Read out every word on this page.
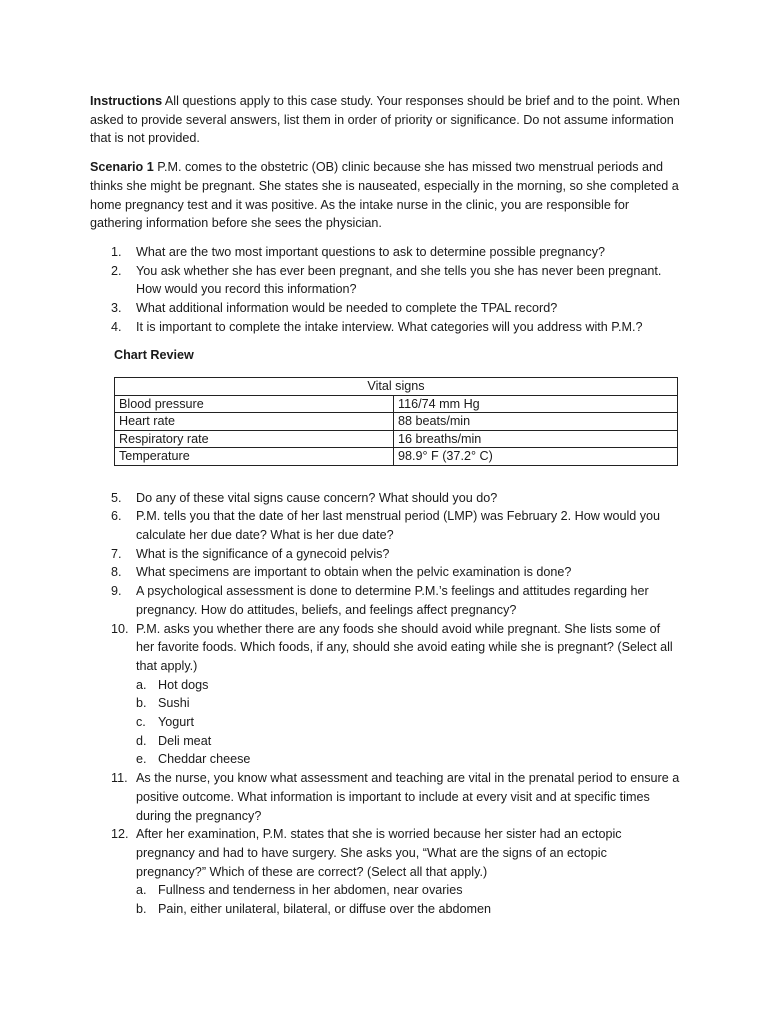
Instructions All questions apply to this case study. Your responses should be brief and to the point. When asked to provide several answers, list them in order of priority or significance. Do not assume information that is not provided.

Scenario 1 P.M. comes to the obstetric (OB) clinic because she has missed two menstrual periods and thinks she might be pregnant. She states she is nauseated, especially in the morning, so she completed a home pregnancy test and it was positive. As the intake nurse in the clinic, you are responsible for gathering information before she sees the physician.

1. What are the two most important questions to ask to determine possible pregnancy?
2. You ask whether she has ever been pregnant, and she tells you she has never been pregnant. How would you record this information?
3. What additional information would be needed to complete the TPAL record?
4. It is important to complete the intake interview. What categories will you address with P.M.?

Chart Review

Vital signs	
Blood pressure	116/74 mm Hg
Heart rate	88 beats/min
Respiratory rate	16 breaths/min
Temperature	98.9° F (37.2° C)
5. Do any of these vital signs cause concern? What should you do?
6. P.M. tells you that the date of her last menstrual period (LMP) was February 2. How would you calculate her due date? What is her due date?
7. What is the significance of a gynecoid pelvis?
8. What specimens are important to obtain when the pelvic examination is done?
9. A psychological assessment is done to determine P.M.’s feelings and attitudes regarding her pregnancy. How do attitudes, beliefs, and feelings affect pregnancy?
10. P.M. asks you whether there are any foods she should avoid while pregnant. She lists some of her favorite foods. Which foods, if any, should she avoid eating while she is pregnant? (Select all that apply.)
a. Hot dogs
b. Sushi
c. Yogurt
d. Deli meat
e. Cheddar cheese
11. As the nurse, you know what assessment and teaching are vital in the prenatal period to ensure a positive outcome. What information is important to include at every visit and at specific times during the pregnancy?
12. After her examination, P.M. states that she is worried because her sister had an ectopic pregnancy and had to have surgery. She asks you, “What are the signs of an ectopic pregnancy?” Which of these are correct? (Select all that apply.)
a. Fullness and tenderness in her abdomen, near ovaries
b. Pain, either unilateral, bilateral, or diffuse over the abdomen
